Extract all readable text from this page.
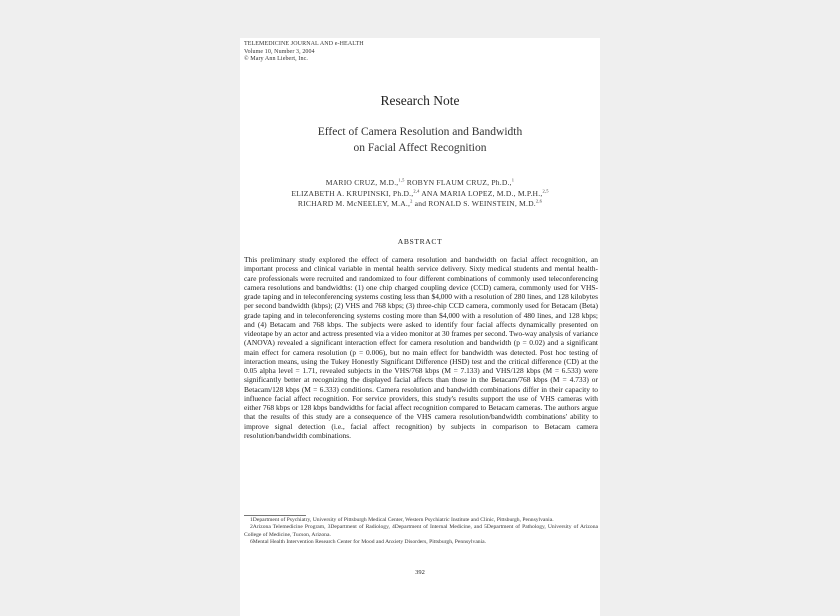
TELEMEDICINE JOURNAL AND e-HEALTH
Volume 10, Number 3, 2004
© Mary Ann Liebert, Inc.
Research Note
Effect of Camera Resolution and Bandwidth
on Facial Affect Recognition
MARIO CRUZ, M.D.,$^{1,5}$ ROBYN FLAUM CRUZ, Ph.D.,$^1$
ELIZABETH A. KRUPINSKI, Ph.D.,$^{2,4}$ ANA MARIA LOPEZ, M.D., M.P.H.,$^{2,5}$
RICHARD M. McNEELEY, M.A.,$^2$ and RONALD S. WEINSTEIN, M.D.$^{2,6}$
ABSTRACT

This preliminary study explored the effect of camera resolution and bandwidth on facial affect recognition, an important process and clinical variable in mental health service delivery. Sixty medical students and mental health-care professionals were recruited and randomized to four different combinations of commonly used teleconferencing camera resolutions and bandwidths: (1) one chip charged coupling device (CCD) camera, commonly used for VHS-grade taping and in teleconferencing systems costing less than $4,000 with a resolution of 280 lines, and 128 kilobytes per second bandwidth (kbps); (2) VHS and 768 kbps; (3) three-chip CCD camera, commonly used for Betacam (Beta) grade taping and in teleconferencing systems costing more than $4,000 with a resolution of 480 lines, and 128 kbps; and (4) Betacam and 768 kbps. The subjects were asked to identify four facial affects dynamically presented on videotape by an actor and actress presented via a video monitor at 30 frames per second. Two-way analysis of variance (ANOVA) revealed a significant interaction effect for camera resolution and bandwidth (p = 0.02) and a significant main effect for camera resolution (p = 0.006), but no main effect for bandwidth was detected. Post hoc testing of interaction means, using the Tukey Honestly Significant Difference (HSD) test and the critical difference (CD) at the 0.05 alpha level = 1.71, revealed subjects in the VHS/768 kbps (M = 7.133) and VHS/128 kbps (M = 6.533) were significantly better at recognizing the displayed facial affects than those in the Betacam/768 kbps (M = 4.733) or Betacam/128 kbps (M = 6.333) conditions. Camera resolution and bandwidth combinations differ in their capacity to influence facial affect recognition. For service providers, this study's results support the use of VHS cameras with either 768 kbps or 128 kbps bandwidths for facial affect recognition compared to Betacam cameras. The authors argue that the results of this study are a consequence of the VHS camera resolution/bandwidth combinations' ability to improve signal detection (i.e., facial affect recognition) by subjects in comparison to Betacam camera resolution/bandwidth combinations.

1Department of Psychiatry, University of Pittsburgh Medical Center, Western Psychiatric Institute and Clinic, Pittsburgh, Pennsylvania.
2Arizona Telemedicine Program, 3Department of Radiology, 4Department of Internal Medicine, and 5Department of Pathology, University of Arizona College of Medicine, Tucson, Arizona.
6Mental Health Intervention Research Center for Mood and Anxiety Disorders, Pittsburgh, Pennsylvania.
392
